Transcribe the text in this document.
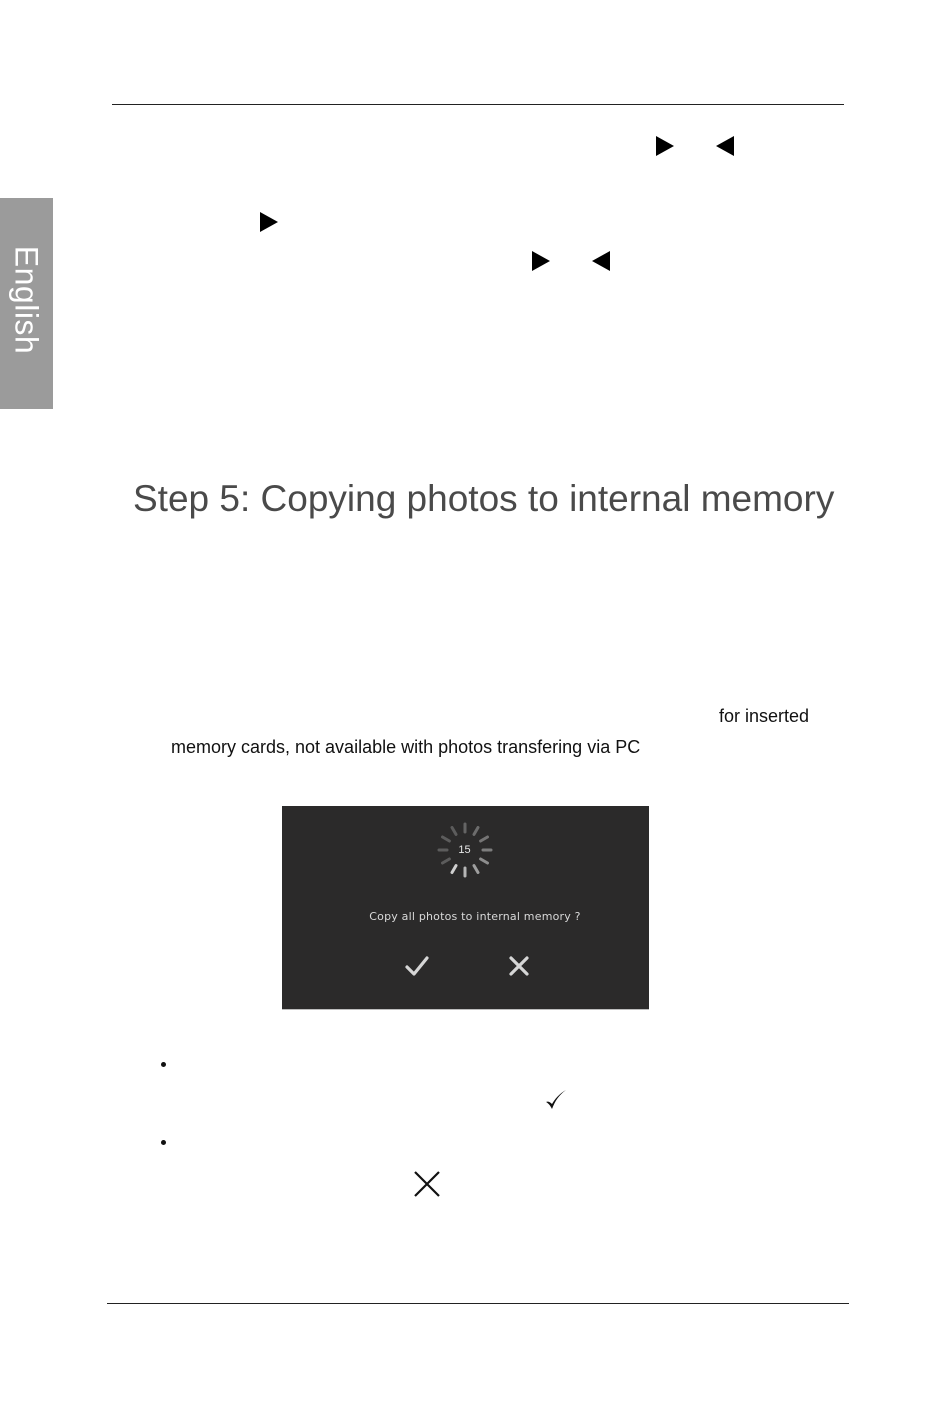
English
Step 5: Copying photos to internal memory
for inserted
memory cards, not available with photos transfering via PC
15
Copy all photos to internal memory ?
